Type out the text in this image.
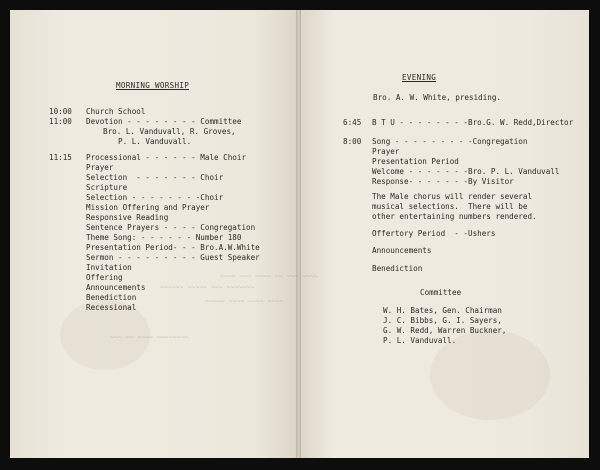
~~~~ ~~~ ~~~~ ~~ ~~~ ~~~~
~~~~~~ ~~~~~ ~~~ ~~~~~~~
~~~~~ ~~~~ ~~~~ ~~~~
~~~ ~~ ~~~~ ~~~~~~~~
MORNING WORSHIP
10:00 Church School
11:00 Devotion - - - - - - - - Committee
Bro. L. Vanduvall, R. Groves,
P. L. Vanduvall.
11:15 Processional - - - - - - Male Choir
Prayer
Selection  - - - - - - - Choir
Scripture
Selection - - - - - - - -Choir
Mission Offering and Prayer
Responsive Reading
Sentence Prayers - - - - Congregation
Theme Song: - - - - - - Number 180
Presentation Period- - - Bro.A.W.White
Sermon - - - - - - - - - Guest Speaker
Invitation
Offering
Announcements
Benediction
Recessional
EVENING
Bro. A. W. White, presiding.
6:45 B T U - - - - - - - -Bro.G. W. Redd,Director
8:00 Song - - - - - - - - -Congregation
Prayer
Presentation Period
Welcome - - - - - - -Bro. P. L. Vanduvall
Response- - - - - - -By Visitor
The Male chorus will render several
musical selections.  There will be
other entertaining numbers rendered.
Offertory Period  - -Ushers
Announcements
Benediction
Committee
W. H. Bates, Gen. Chairman
J. C. Bibbs, G. I. Sayers,
G. W. Redd, Warren Buckner,
P. L. Vanduvall.
